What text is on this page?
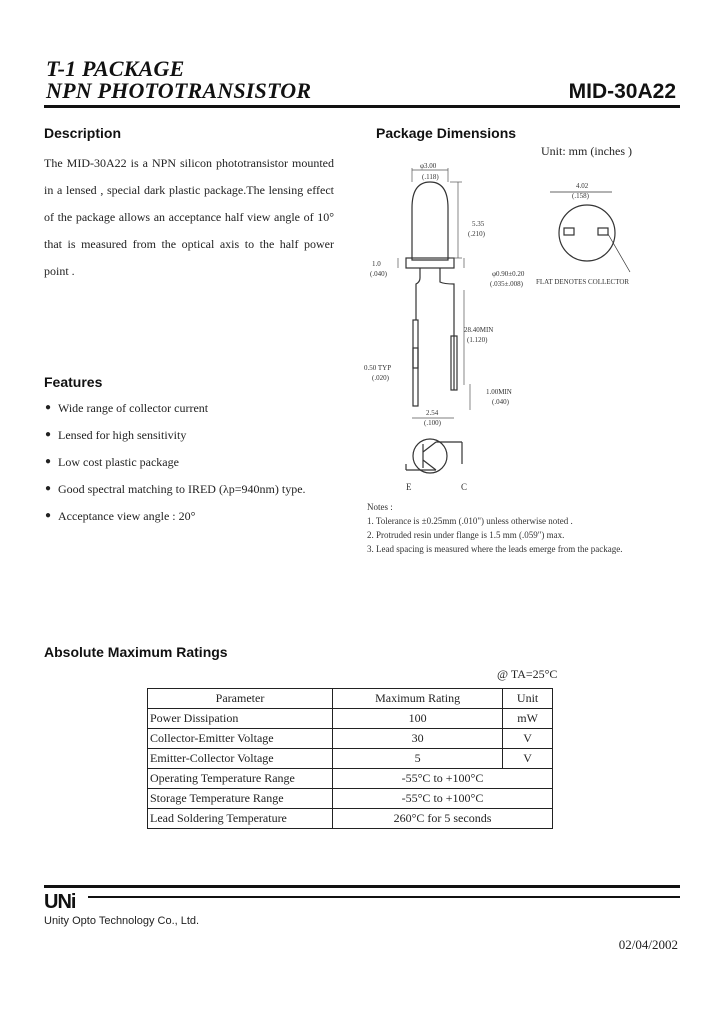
T-1 PACKAGE
NPN PHOTOTRANSISTOR	MID-30A22
Description
The MID-30A22 is a NPN silicon phototransistor mounted in a lensed , special dark plastic package.The lensing effect of the package allows an acceptance half view angle of 10° that is measured from the optical axis to the half power point .
Package Dimensions
Unit: mm (inches )
φ3.00
(.118)
5.35
(.210)
1.0
(.040)	φ0.90±0.20
(.035±.008)
28.40MIN
(1.120)
0.50 TYP
(.020)
1.00MIN
(.040)
2.54
(.100)
4.02
(.158)
FLAT DENOTES COLLECTOR
E	C
Notes :
1. Tolerance is ±0.25mm (.010") unless otherwise noted .
2. Protruded resin under flange is 1.5 mm (.059") max.
3. Lead spacing is measured where the leads emerge from the package.
Features
● Wide range of collector current
● Lensed for high sensitivity
● Low cost plastic package
● Good spectral matching to IRED (λp=940nm) type.
● Acceptance view angle : 20°
Absolute Maximum Ratings
@ TA=25°C
Parameter	Maximum Rating	Unit
Power Dissipation	100	mW
Collector-Emitter Voltage	30	V
Emitter-Collector Voltage	5	V
Operating Temperature Range	-55°C to +100°C	
Storage Temperature Range	-55°C to +100°C	
Lead Soldering Temperature	260°C for 5 seconds	
UNi
Unity Opto Technology Co., Ltd.
02/04/2002
